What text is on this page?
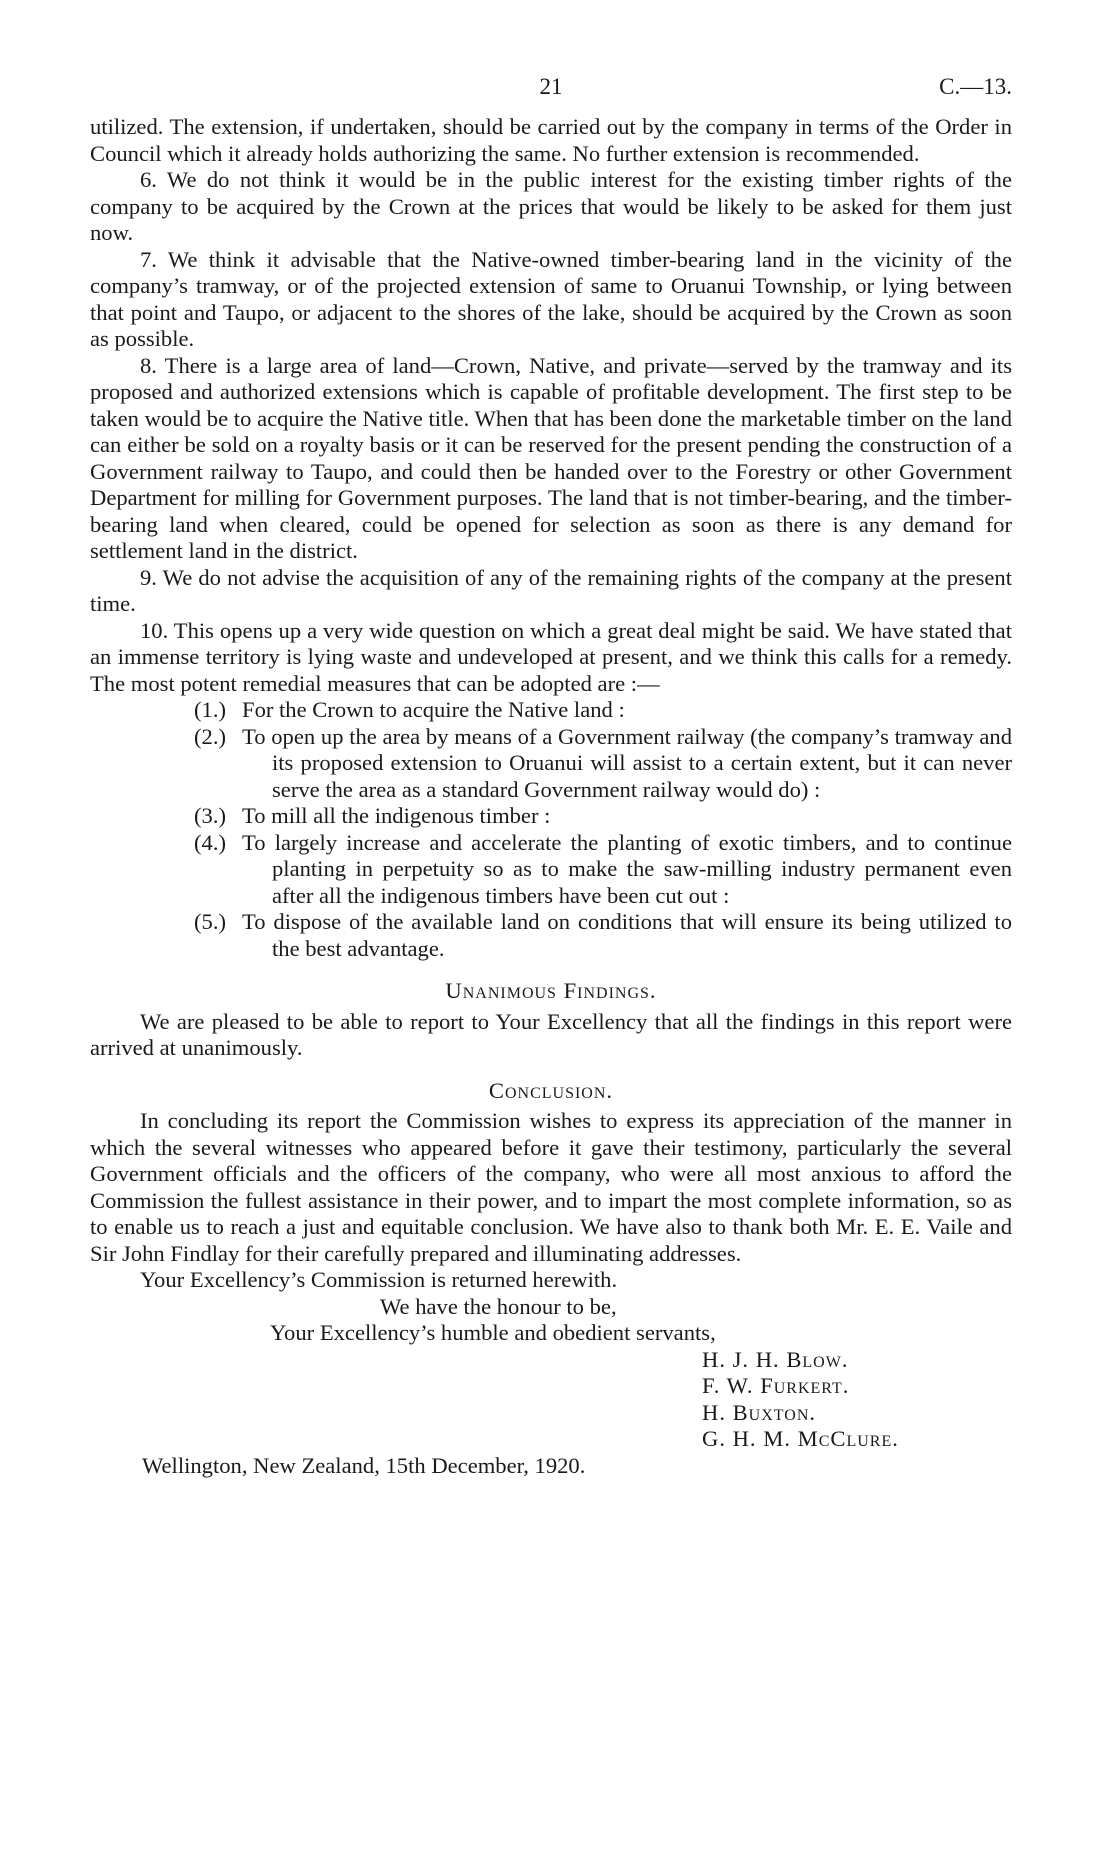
21	C.—13.

utilized. The extension, if undertaken, should be carried out by the company in terms of the Order in Council which it already holds authorizing the same. No further extension is recommended.

6. We do not think it would be in the public interest for the existing timber rights of the company to be acquired by the Crown at the prices that would be likely to be asked for them just now.

7. We think it advisable that the Native-owned timber-bearing land in the vicinity of the company’s tramway, or of the projected extension of same to Oruanui Township, or lying between that point and Taupo, or adjacent to the shores of the lake, should be acquired by the Crown as soon as possible.

8. There is a large area of land—Crown, Native, and private—served by the tramway and its proposed and authorized extensions which is capable of profitable development. The first step to be taken would be to acquire the Native title. When that has been done the marketable timber on the land can either be sold on a royalty basis or it can be reserved for the present pending the construction of a Government railway to Taupo, and could then be handed over to the Forestry or other Government Department for milling for Government purposes. The land that is not timber-bearing, and the timber-bearing land when cleared, could be opened for selection as soon as there is any demand for settlement land in the district.

9. We do not advise the acquisition of any of the remaining rights of the company at the present time.

10. This opens up a very wide question on which a great deal might be said. We have stated that an immense territory is lying waste and undeveloped at present, and we think this calls for a remedy. The most potent remedial measures that can be adopted are :—

(1.) For the Crown to acquire the Native land :
(2.) To open up the area by means of a Government railway (the company’s tramway and its proposed extension to Oruanui will assist to a certain extent, but it can never serve the area as a standard Government railway would do) :
(3.) To mill all the indigenous timber :
(4.) To largely increase and accelerate the planting of exotic timbers, and to continue planting in perpetuity so as to make the saw-milling industry permanent even after all the indigenous timbers have been cut out :
(5.) To dispose of the available land on conditions that will ensure its being utilized to the best advantage.
Unanimous Findings.

We are pleased to be able to report to Your Excellency that all the findings in this report were arrived at unanimously.

Conclusion.

In concluding its report the Commission wishes to express its appreciation of the manner in which the several witnesses who appeared before it gave their testimony, particularly the several Government officials and the officers of the company, who were all most anxious to afford the Commission the fullest assistance in their power, and to impart the most complete information, so as to enable us to reach a just and equitable conclusion. We have also to thank both Mr. E. E. Vaile and Sir John Findlay for their carefully prepared and illuminating addresses.

Your Excellency’s Commission is returned herewith.

We have the honour to be,
Your Excellency’s humble and obedient servants,
H. J. H. Blow.
F. W. Furkert.
H. Buxton.
G. H. M. McClure.
Wellington, New Zealand, 15th December, 1920.
